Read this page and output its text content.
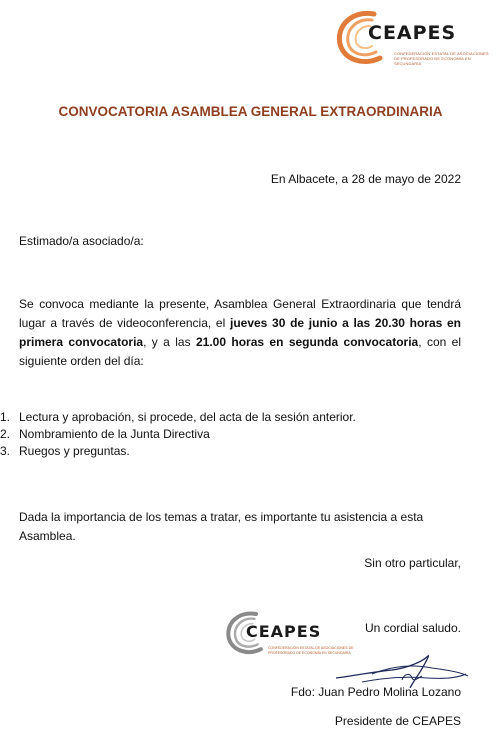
CEAPES
CONFEDERACIÓN ESTATAL DE ASOCIACIONES DE PROFESORADO DE ECONOMÍA EN SECUNDARIA
CONVOCATORIA ASAMBLEA GENERAL EXTRAORDINARIA
En Albacete, a 28 de mayo de 2022
Estimado/a asociado/a:
Se convoca mediante la presente, Asamblea General Extraordinaria que tendrá lugar a través de videoconferencia, el jueves 30 de junio a las 20.30 horas en primera convocatoria, y a las 21.00 horas en segunda convocatoria, con el siguiente orden del día:
1. Lectura y aprobación, si procede, del acta de la sesión anterior.
2. Nombramiento de la Junta Directiva
3. Ruegos y preguntas.
Dada la importancia de los temas a tratar, es importante tu asistencia a esta Asamblea.
Sin otro particular,
CEAPES
CONFEDERACIÓN ESTATAL DE ASOCIACIONES DE PROFESORADO DE ECONOMÍA EN SECUNDARIA
Un cordial saludo.
Fdo: Juan Pedro Molina Lozano
Presidente de CEAPES
